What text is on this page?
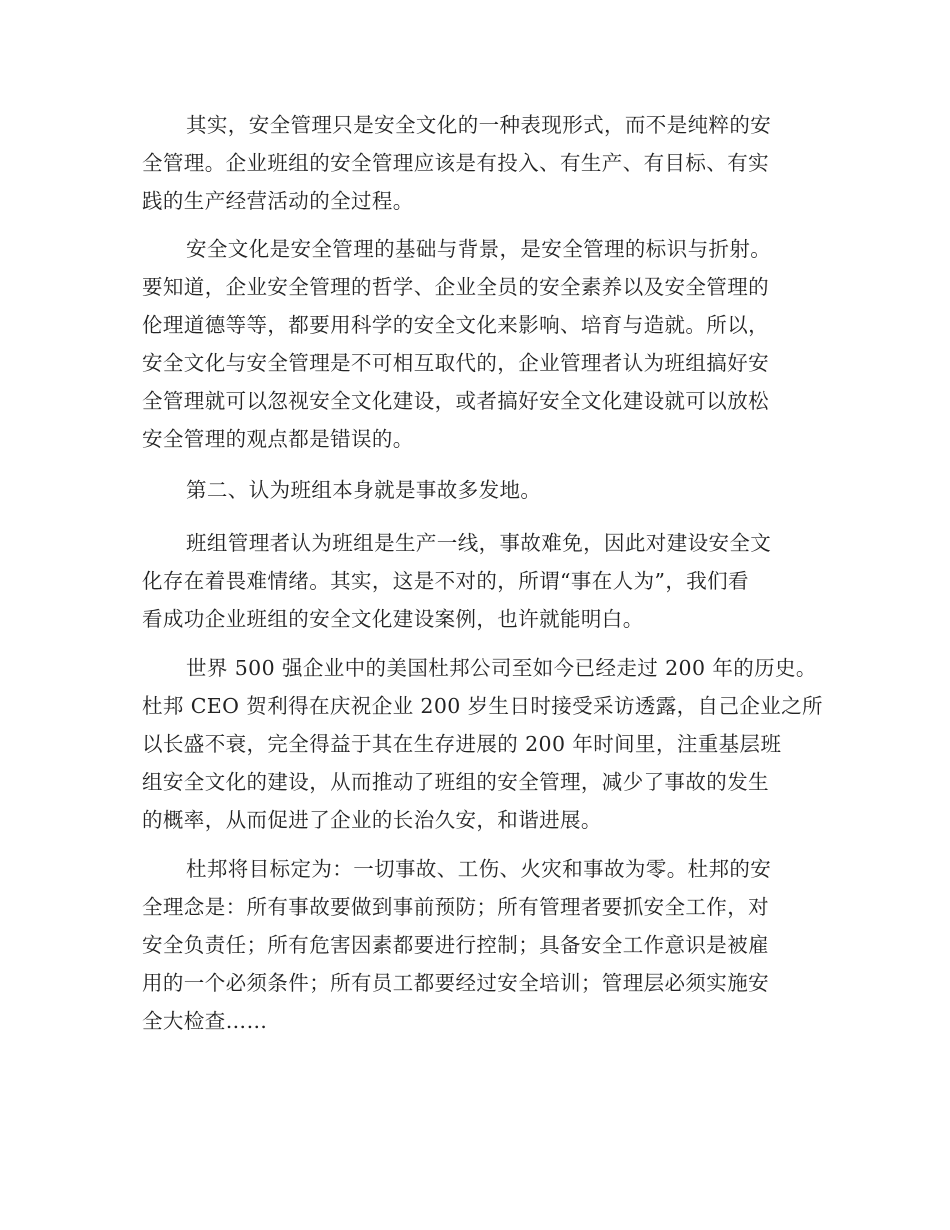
其实，安全管理只是安全文化的一种表现形式，而不是纯粹的安
全管理。企业班组的安全管理应该是有投入、有生产、有目标、有实
践的生产经营活动的全过程。
安全文化是安全管理的基础与背景，是安全管理的标识与折射。
要知道，企业安全管理的哲学、企业全员的安全素养以及安全管理的
伦理道德等等，都要用科学的安全文化来影响、培育与造就。所以，
安全文化与安全管理是不可相互取代的，企业管理者认为班组搞好安
全管理就可以忽视安全文化建设，或者搞好安全文化建设就可以放松
安全管理的观点都是错误的。
第二、认为班组本身就是事故多发地。
班组管理者认为班组是生产一线，事故难免，因此对建设安全文
化存在着畏难情绪。其实，这是不对的，所谓“事在人为”，我们看
看成功企业班组的安全文化建设案例，也许就能明白。
世界 500 强企业中的美国杜邦公司至如今已经走过 200 年的历史。
杜邦 CEO 贺利得在庆祝企业 200 岁生日时接受采访透露，自己企业之所
以长盛不衰，完全得益于其在生存进展的 200 年时间里，注重基层班
组安全文化的建设，从而推动了班组的安全管理，减少了事故的发生
的概率，从而促进了企业的长治久安，和谐进展。
杜邦将目标定为：一切事故、工伤、火灾和事故为零。杜邦的安
全理念是：所有事故要做到事前预防；所有管理者要抓安全工作，对
安全负责任；所有危害因素都要进行控制；具备安全工作意识是被雇
用的一个必须条件；所有员工都要经过安全培训；管理层必须实施安
全大检查……
